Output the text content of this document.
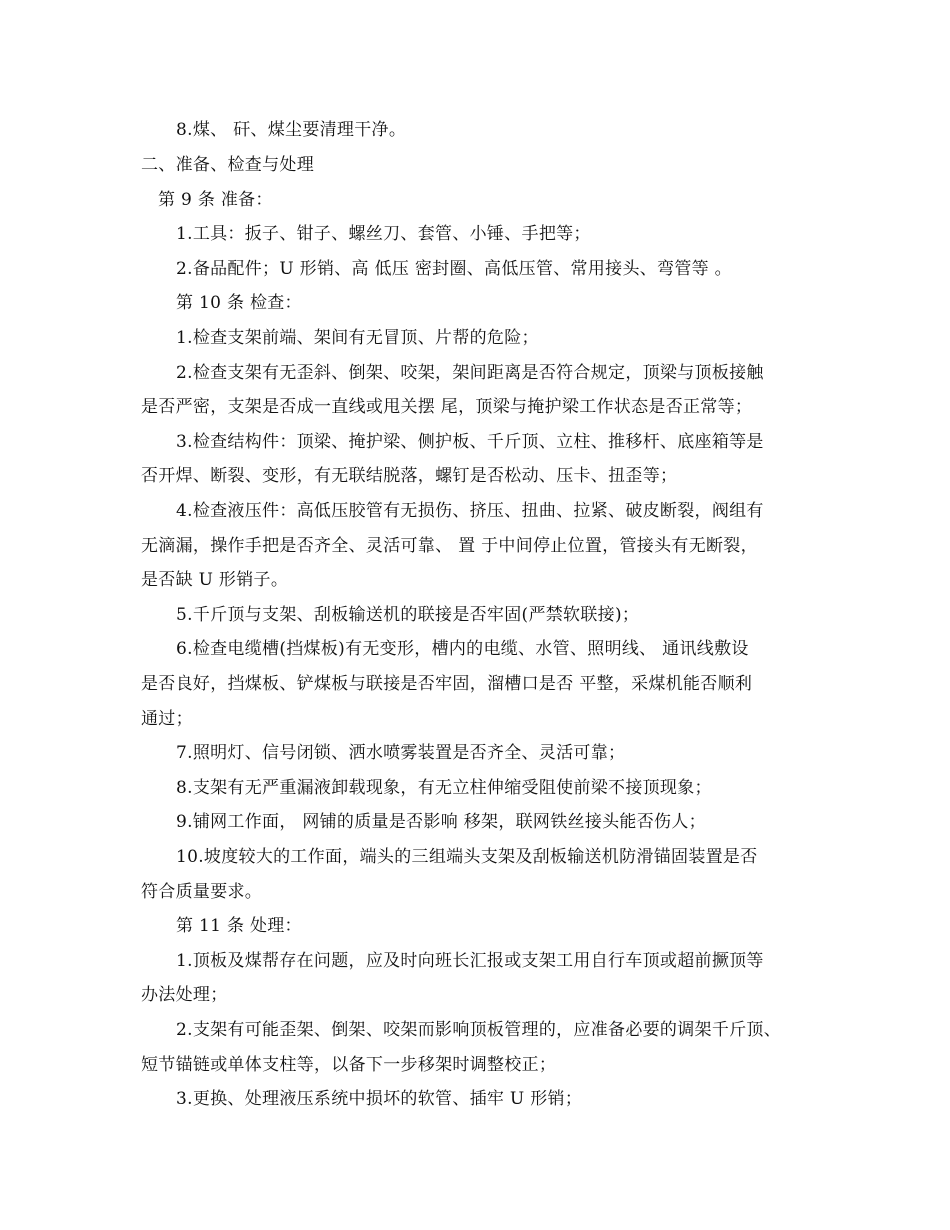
8.煤、 矸、煤尘要清理干净。
二、准备、检查与处理
第 9 条 准备：
1.工具：扳子、钳子、螺丝刀、套管、小锤、手把等；
2.备品配件；U 形销、高 低压 密封圈、高低压管、常用接头、弯管等 。
第 10 条 检查：
1.检查支架前端、架间有无冒顶、片帮的危险；
2.检查支架有无歪斜、倒架、咬架，架间距离是否符合规定，顶梁与顶板接触
是否严密，支架是否成一直线或甩关摆 尾，顶梁与掩护梁工作状态是否正常等；
3.检查结构件：顶梁、掩护梁、侧护板、千斤顶、立柱、推移杆、底座箱等是
否开焊、断裂、变形，有无联结脱落，螺钉是否松动、压卡、扭歪等；
4.检查液压件：高低压胶管有无损伤、挤压、扭曲、拉紧、破皮断裂，阀组有
无滴漏，操作手把是否齐全、灵活可靠、 置 于中间停止位置，管接头有无断裂，
是否缺 U 形销子。
5.千斤顶与支架、刮板输送机的联接是否牢固(严禁软联接)；
6.检查电缆槽(挡煤板)有无变形，槽内的电缆、水管、照明线、 通讯线敷设
是否良好，挡煤板、铲煤板与联接是否牢固，溜槽口是否 平整，采煤机能否顺利
通过；
7.照明灯、信号闭锁、洒水喷雾装置是否齐全、灵活可靠；
8.支架有无严重漏液卸载现象，有无立柱伸缩受阻使前梁不接顶现象；
9.铺网工作面， 网铺的质量是否影响 移架，联网铁丝接头能否伤人；
10.坡度较大的工作面，端头的三组端头支架及刮板输送机防滑锚固装置是否
符合质量要求。
第 11 条 处理：
1.顶板及煤帮存在问题，应及时向班长汇报或支架工用自行车顶或超前撅顶等
办法处理；
2.支架有可能歪架、倒架、咬架而影响顶板管理的，应准备必要的调架千斤顶、
短节锚链或单体支柱等，以备下一步移架时调整校正；
3.更换、处理液压系统中损坏的软管、插牢 U 形销；
